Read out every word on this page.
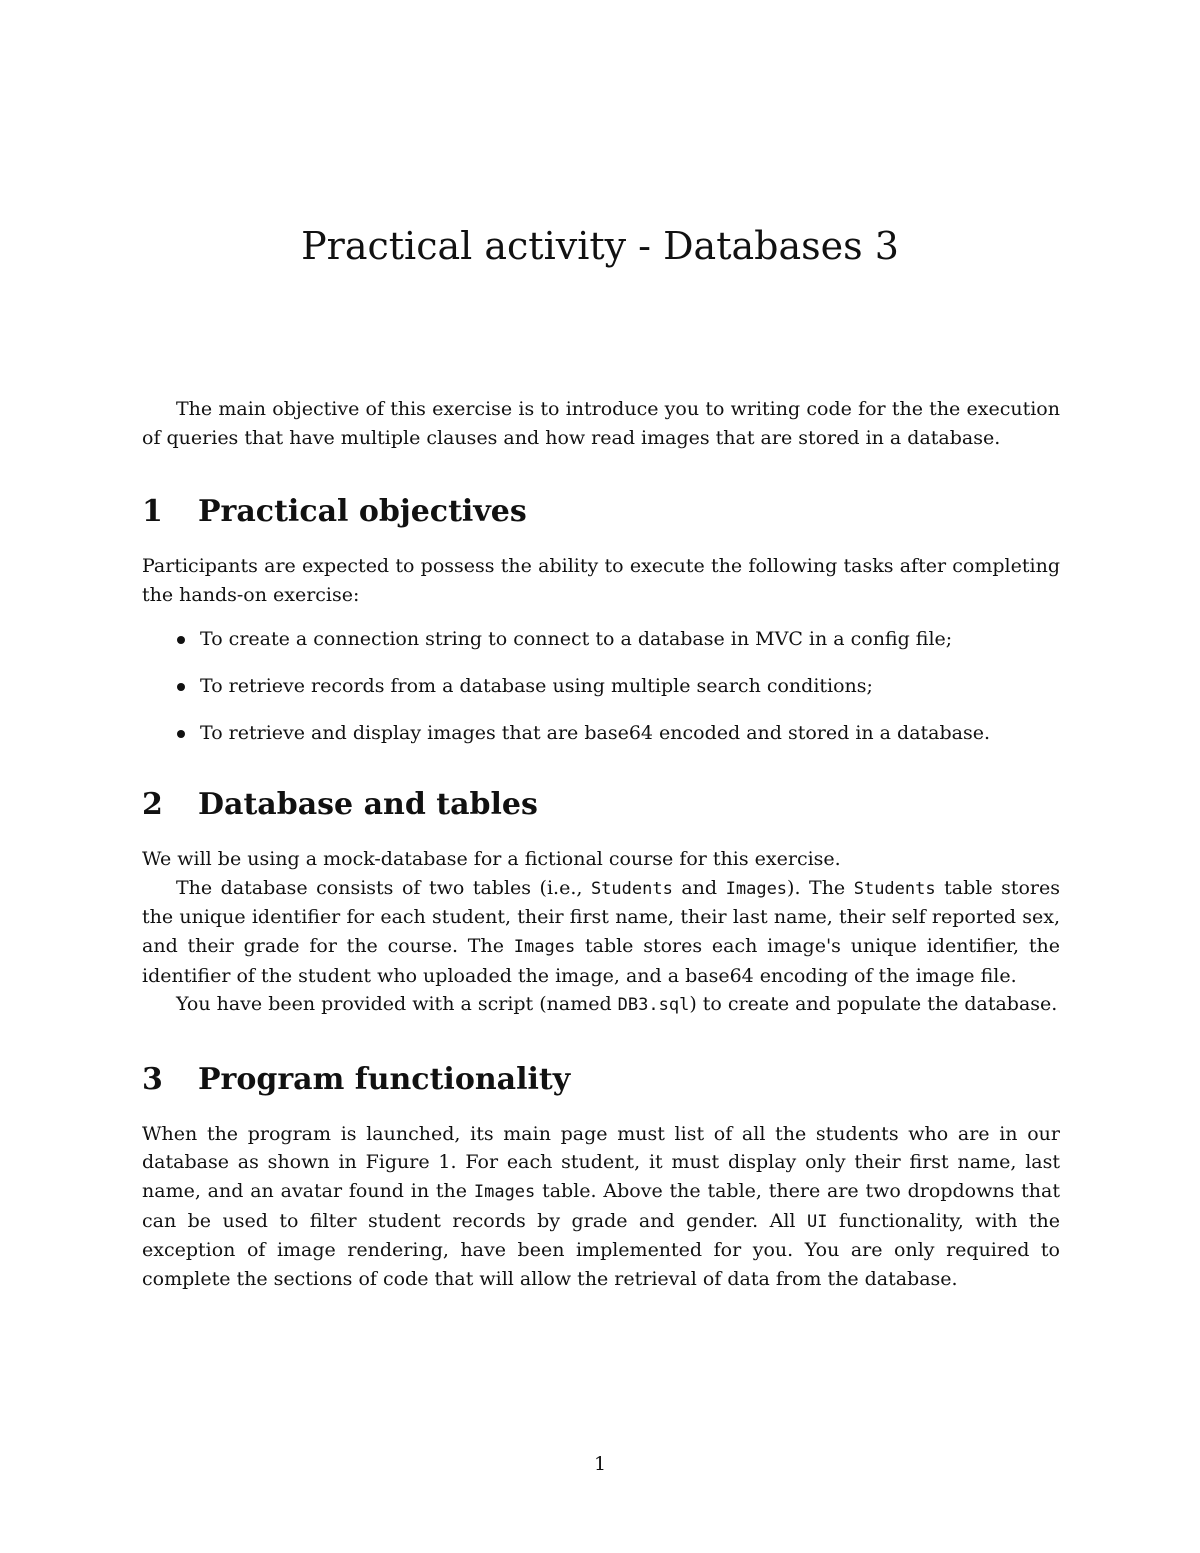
Practical activity - Databases 3

The main objective of this exercise is to introduce you to writing code for the the execution of queries that have multiple clauses and how read images that are stored in a database.

1 Practical objectives

Participants are expected to possess the ability to execute the following tasks after completing the hands-on exercise:

To create a connection string to connect to a database in MVC in a config file;
To retrieve records from a database using multiple search conditions;
To retrieve and display images that are base64 encoded and stored in a database.
2 Database and tables

We will be using a mock-database for a fictional course for this exercise.

The database consists of two tables (i.e., Students and Images). The Students table stores the unique identifier for each student, their first name, their last name, their self reported sex, and their grade for the course. The Images table stores each image's unique identifier, the identifier of the student who uploaded the image, and a base64 encoding of the image file.

You have been provided with a script (named DB3.sql) to create and populate the database.

3 Program functionality

When the program is launched, its main page must list of all the students who are in our database as shown in Figure 1. For each student, it must display only their first name, last name, and an avatar found in the Images table. Above the table, there are two dropdowns that can be used to filter student records by grade and gender. All UI functionality, with the exception of image rendering, have been implemented for you. You are only required to complete the sections of code that will allow the retrieval of data from the database.

1
